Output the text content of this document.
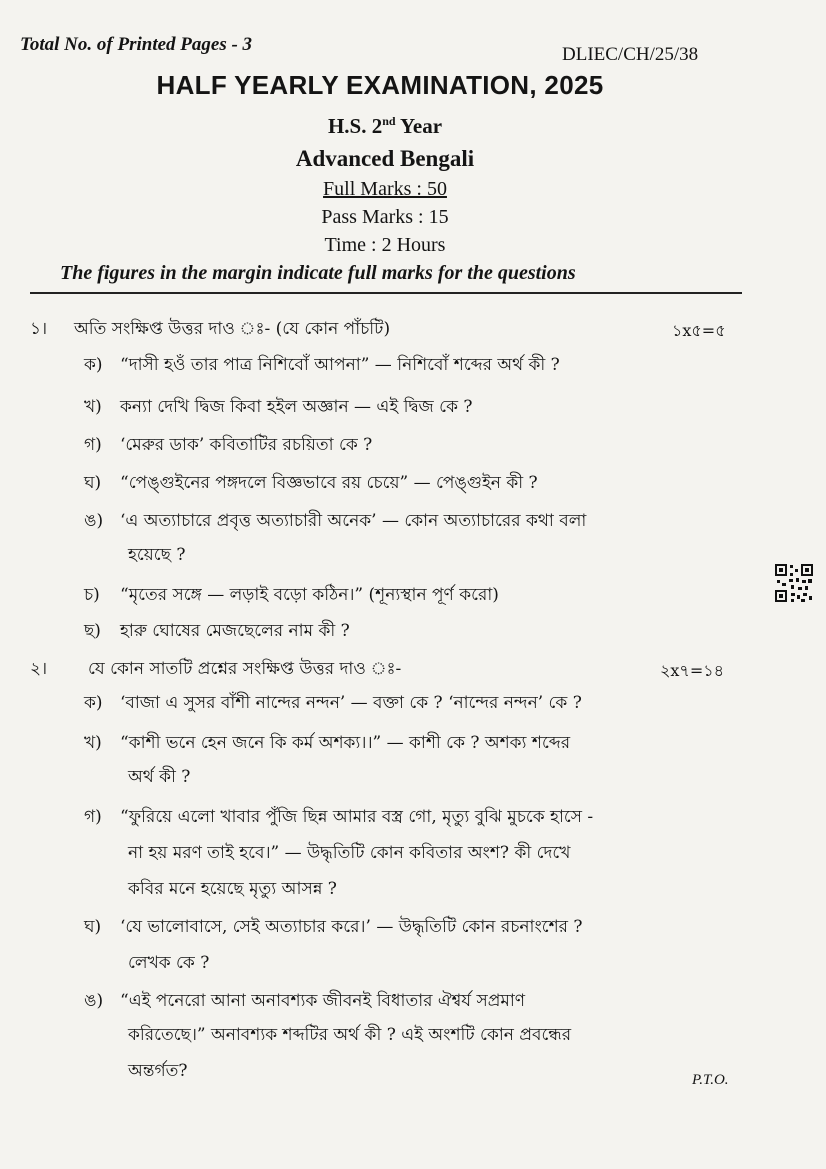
Total No. of Printed Pages - 3	DLIEC/CH/25/38
HALF YEARLY EXAMINATION, 2025
H.S. 2nd Year
Advanced Bengali
Full Marks : 50
Pass Marks : 15
Time : 2 Hours
The figures in the margin indicate full marks for the questions
১। অতি সংক্ষিপ্ত উত্তর দাও ঃ- (যে কোন পাঁচটি)	১x৫=৫
ক) “দাসী হওঁ তার পাত্র নিশিবোঁ আপনা” — নিশিবোঁ শব্দের অর্থ কী ?
খ) কন্যা দেখি দ্বিজ কিবা হইল অজ্ঞান — এই দ্বিজ কে ?
গ) ‘মেরুর ডাক’ কবিতাটির রচয়িতা কে ?
ঘ) “পেঙ্গুইনের পঙ্গদলে বিজ্ঞভাবে রয় চেয়ে” — পেঙ্গুইন কী ?
ঙ) ‘এ অত্যাচারে প্রবৃত্ত অত্যাচারী অনেক’ — কোন অত্যাচারের কথা বলা
হয়েছে ?
চ) “মৃতের সঙ্গে — লড়াই বড়ো কঠিন।” (শূন্যস্থান পূর্ণ করো)
ছ) হারু ঘোষের মেজছেলের নাম কী ?
২। যে কোন সাতটি প্রশ্নের সংক্ষিপ্ত উত্তর দাও ঃ-	২x৭=১৪
ক) ‘বাজা এ সুসর বাঁশী নান্দের নন্দন’ — বক্তা কে ? ‘নান্দের নন্দন’ কে ?
খ) “কাশী ভনে হেন জনে কি কর্ম অশক্য।।” — কাশী কে ? অশক্য শব্দের
অর্থ কী ?
গ) “ফুরিয়ে এলো খাবার পুঁজি ছিন্ন আমার বস্ত্র গো, মৃত্যু বুঝি মুচকে হাসে -
না হয় মরণ তাই হবে।” — উদ্ধৃতিটি কোন কবিতার অংশ? কী দেখে
কবির মনে হয়েছে মৃত্যু আসন্ন ?
ঘ) ‘যে ভালোবাসে, সেই অত্যাচার করে।’ — উদ্ধৃতিটি কোন রচনাংশের ?
লেখক কে ?
ঙ) “এই পনেরো আনা অনাবশ্যক জীবনই বিধাতার ঐশ্বর্য সপ্রমাণ
করিতেছে।” অনাবশ্যক শব্দটির অর্থ কী ? এই অংশটি কোন প্রবন্ধের
অন্তর্গত?	P.T.O.
